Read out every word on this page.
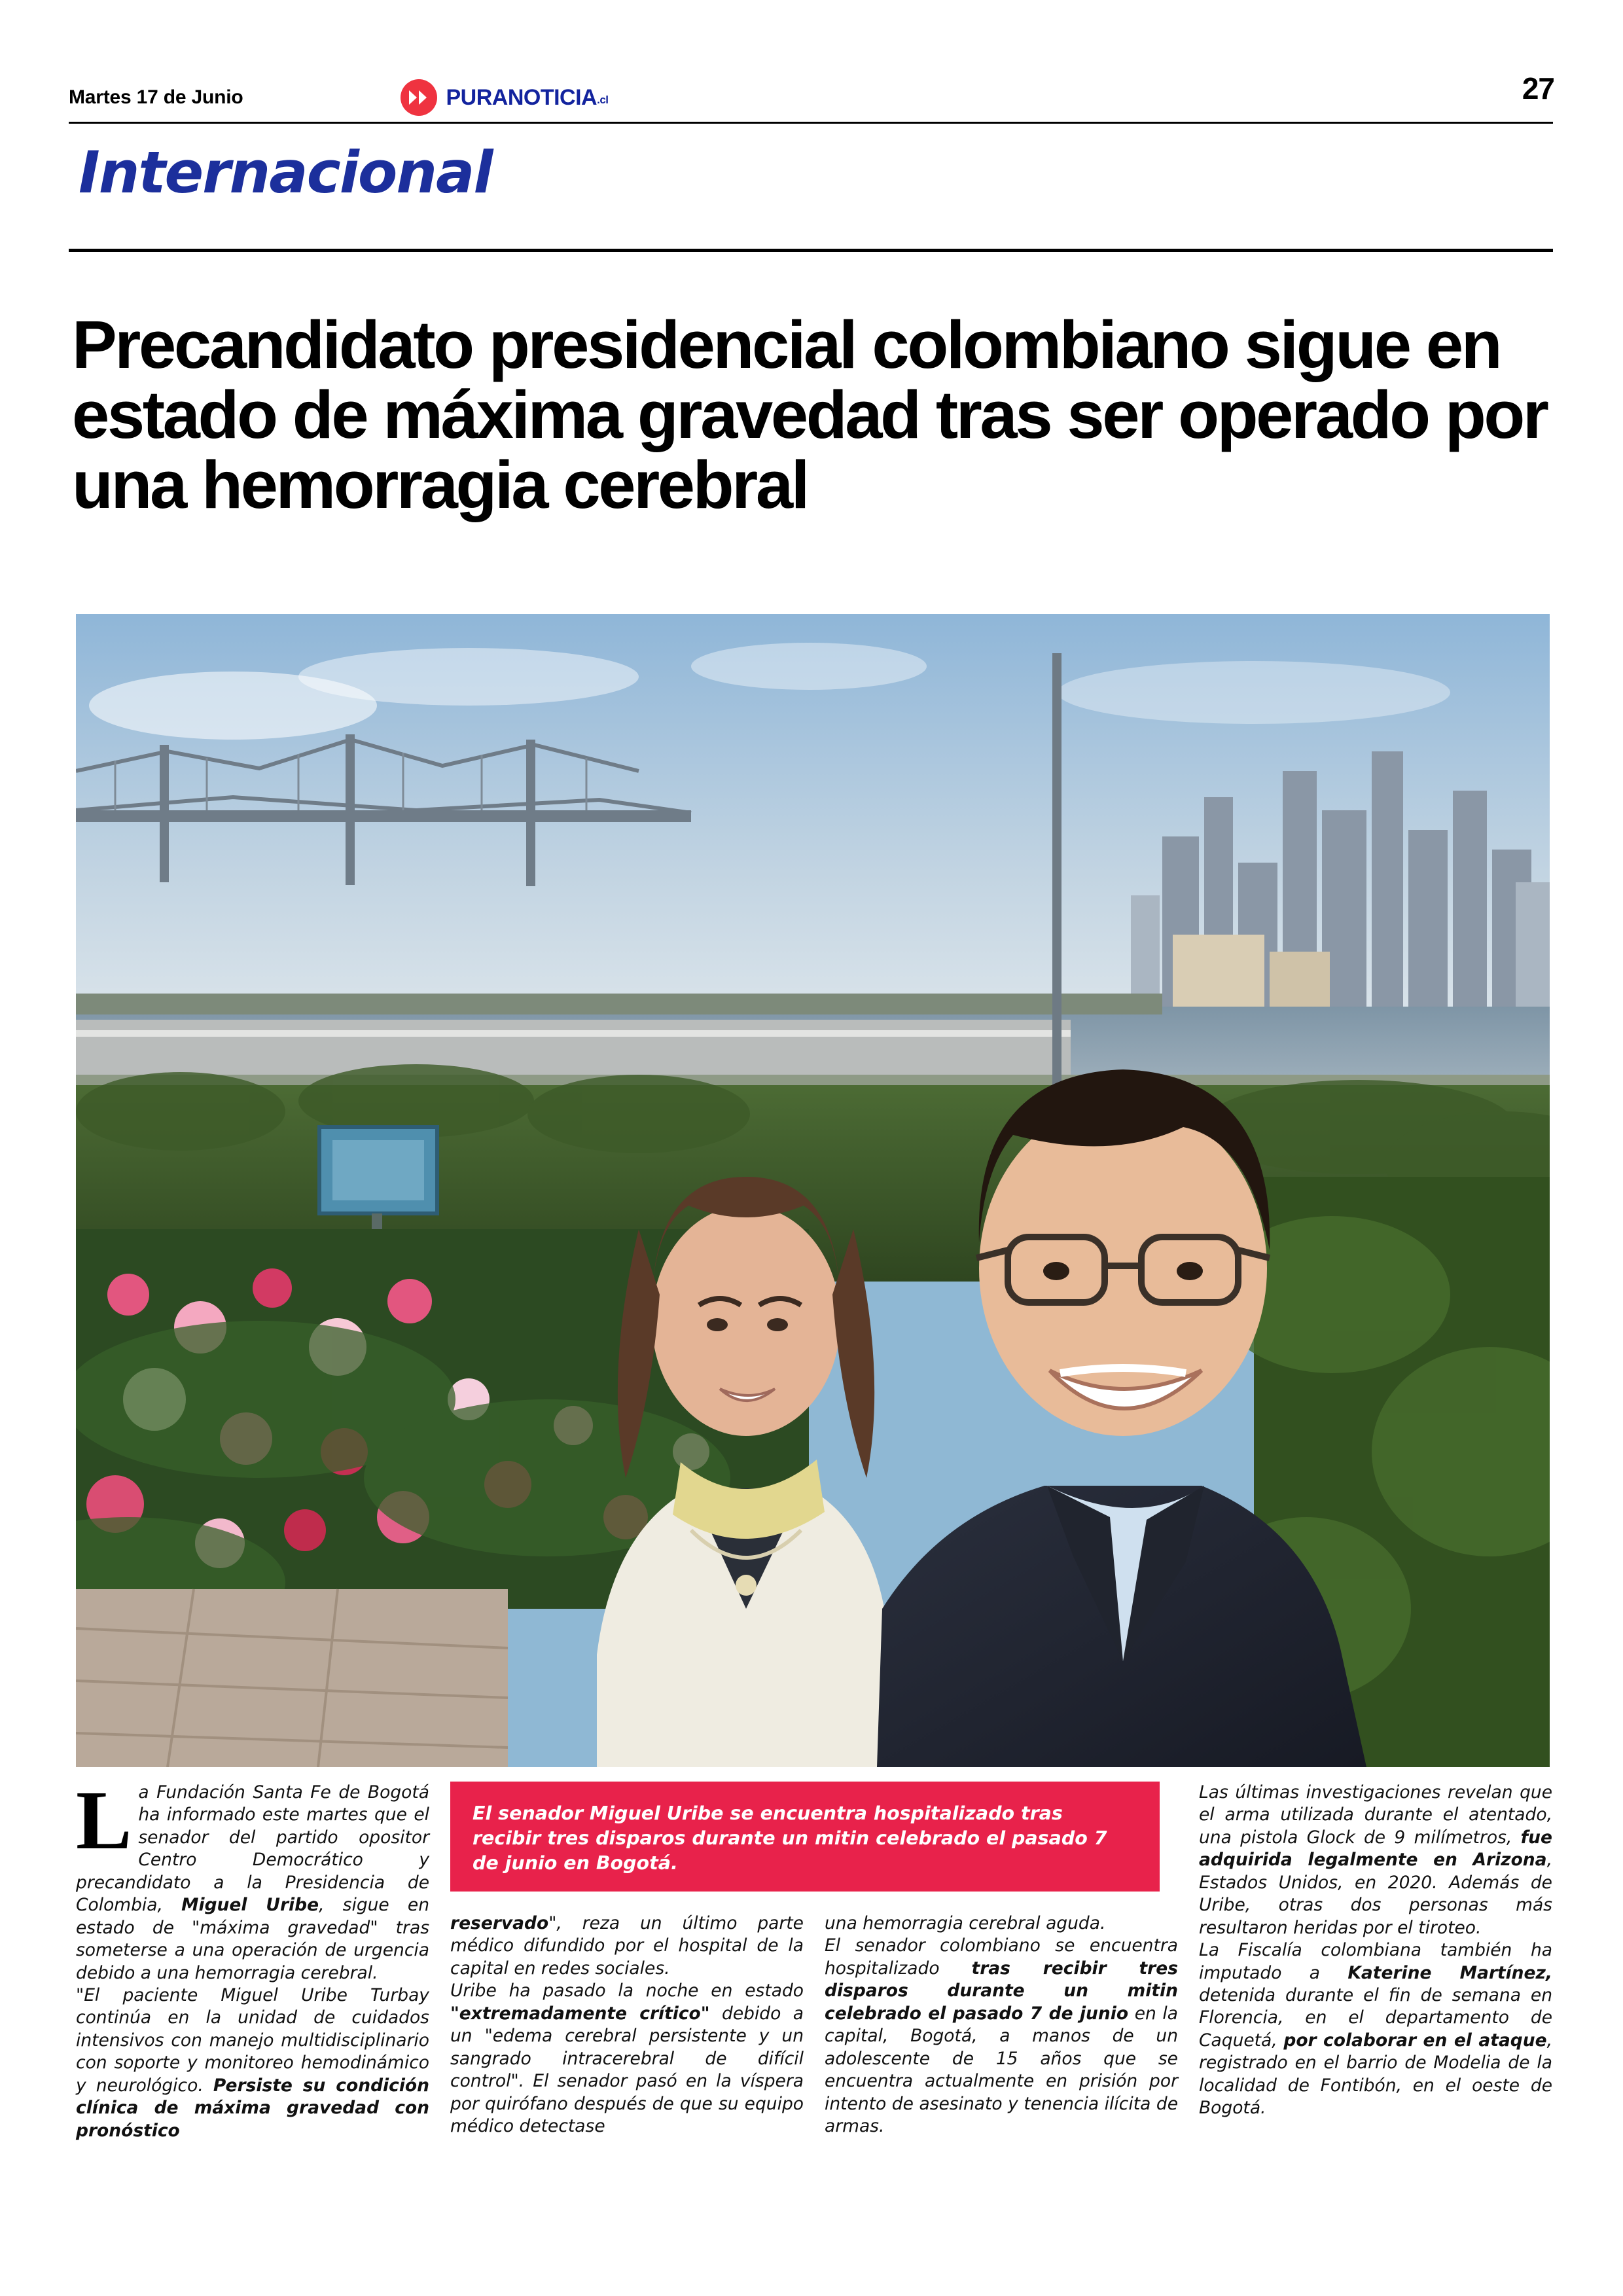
Martes 17 de Junio	PURANOTICIA.cl	27
Internacional
Precandidato presidencial colombiano sigue en estado de máxima gravedad tras ser operado por una hemorragia cerebral

El senador Miguel Uribe se encuentra hospitalizado tras recibir tres disparos durante un mitin celebrado el pasado 7 de junio en Bogotá.

L a Fundación Santa Fe de Bogotá ha informado este martes que el senador del partido opositor Centro Democrático y precandidato a la Presidencia de Colombia, Miguel Uribe, sigue en estado de "máxima gravedad" tras someterse a una operación de urgencia debido a una hemorragia cerebral.
"El paciente Miguel Uribe Turbay continúa en la unidad de cuidados intensivos con manejo multidisciplinario con soporte y monitoreo hemodinámico y neurológico. Persiste su condición clínica de máxima gravedad con pronóstico

reservado", reza un último parte médico difundido por el hospital de la capital en redes sociales.
Uribe ha pasado la noche en estado "extremadamente crítico" debido a un "edema cerebral persistente y un sangrado intracerebral de difícil control". El senador pasó en la víspera por quirófano después de que su equipo médico detectase

una hemorragia cerebral aguda.
El senador colombiano se encuentra hospitalizado tras recibir tres disparos durante un mitin celebrado el pasado 7 de junio en la capital, Bogotá, a manos de un adolescente de 15 años que se encuentra actualmente en prisión por intento de asesinato y tenencia ilícita de armas.

Las últimas investigaciones revelan que el arma utilizada durante el atentado, una pistola Glock de 9 milímetros, fue adquirida legalmente en Arizona, Estados Unidos, en 2020. Además de Uribe, otras dos personas más resultaron heridas por el tiroteo.
La Fiscalía colombiana también ha imputado a Katerine Martínez, detenida durante el fin de semana en Florencia, en el departamento de Caquetá, por colaborar en el ataque, registrado en el barrio de Modelia de la localidad de Fontibón, en el oeste de Bogotá.
